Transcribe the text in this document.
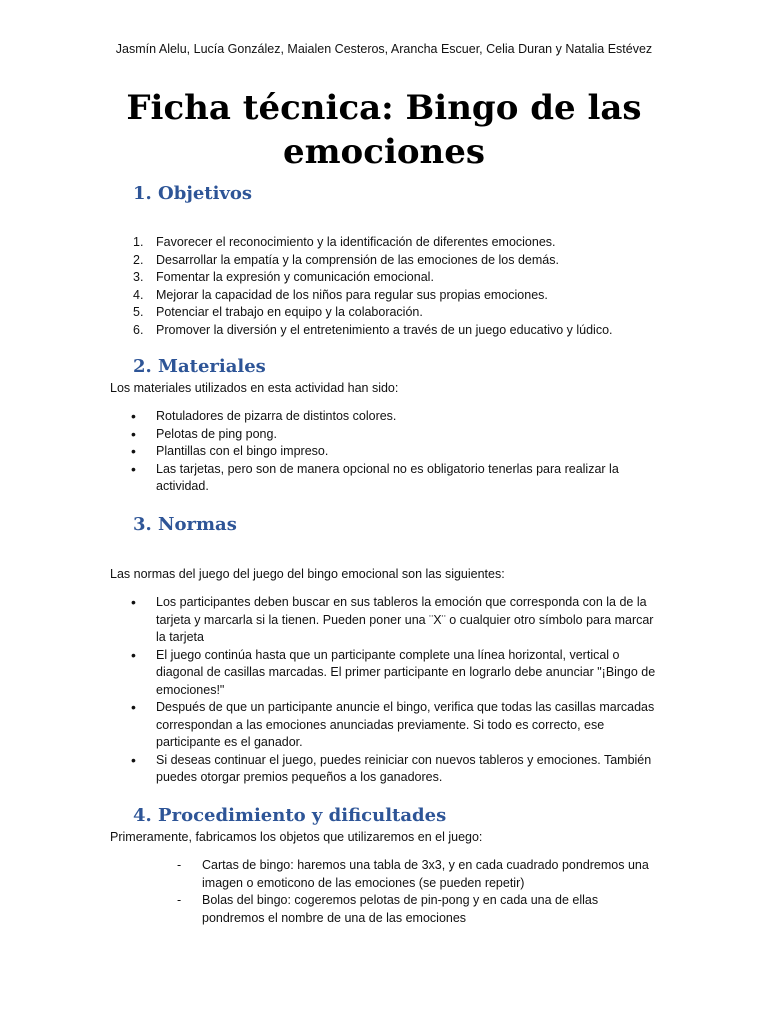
Jasmín Alelu, Lucía González, Maialen Cesteros, Arancha Escuer, Celia Duran y Natalia Estévez
Ficha técnica: Bingo de las
emociones
1. Objetivos
1. Favorecer el reconocimiento y la identificación de diferentes emociones.
2. Desarrollar la empatía y la comprensión de las emociones de los demás.
3. Fomentar la expresión y comunicación emocional.
4. Mejorar la capacidad de los niños para regular sus propias emociones.
5. Potenciar el trabajo en equipo y la colaboración.
6. Promover la diversión y el entretenimiento a través de un juego educativo y lúdico.
2. Materiales
Los materiales utilizados en esta actividad han sido:
• Rotuladores de pizarra de distintos colores.
• Pelotas de ping pong.
• Plantillas con el bingo impreso.
• Las tarjetas, pero son de manera opcional no es obligatorio tenerlas para realizar la actividad.
3. Normas
Las normas del juego del juego del bingo emocional son las siguientes:
• Los participantes deben buscar en sus tableros la emoción que corresponda con la de la tarjeta y marcarla si la tienen. Pueden poner una ¨X¨ o cualquier otro símbolo para marcar la tarjeta
• El juego continúa hasta que un participante complete una línea horizontal, vertical o diagonal de casillas marcadas. El primer participante en lograrlo debe anunciar "¡Bingo de emociones!"
• Después de que un participante anuncie el bingo, verifica que todas las casillas marcadas correspondan a las emociones anunciadas previamente. Si todo es correcto, ese participante es el ganador.
• Si deseas continuar el juego, puedes reiniciar con nuevos tableros y emociones. También puedes otorgar premios pequeños a los ganadores.
4. Procedimiento y dificultades
Primeramente, fabricamos los objetos que utilizaremos en el juego:
- Cartas de bingo: haremos una tabla de 3x3, y en cada cuadrado pondremos una imagen o emoticono de las emociones (se pueden repetir)
- Bolas del bingo: cogeremos pelotas de pin-pong y en cada una de ellas pondremos el nombre de una de las emociones
